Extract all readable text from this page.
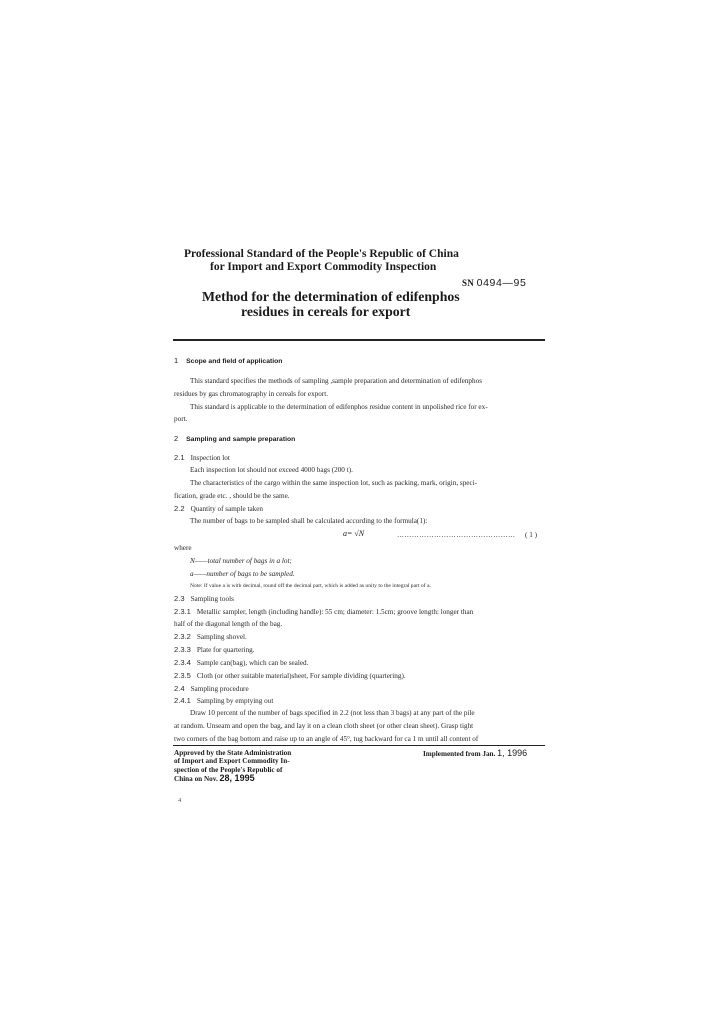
Professional Standard of the People's Republic of China
for Import and Export Commodity Inspection
SN 0494—95
Method for the determination of edifenphos
residues in cereals for export
1 Scope and field of application
This standard specifies the methods of sampling ,sample preparation and determination of edifenphos
residues by gas chromatography in cereals for export.
This standard is applicable to the determination of edifenphos residue content in unpolished rice for ex-
port.
2 Sampling and sample preparation
2.1 Inspection lot
Each inspection lot should not exceed 4000 bags (200 t).
The characteristics of the cargo within the same inspection lot, such as packing, mark, origin, speci-
fication, grade etc. , should be the same.
2.2 Quantity of sample taken
The number of bags to be sampled shall be calculated according to the formula(1):
a= √N	………………………………………… ( 1 )
where
N——total number of bags in a lot;
a——number of bags to be sampled.
Note: If value a is with decimal, round off the decimal part, which is added as unity to the integral part of a.
2.3 Sampling tools
2.3.1 Metallic sampler, length (including handle): 55 cm; diameter: 1.5cm; groove length: longer than
half of the diagonal length of the bag.
2.3.2 Sampling shovel.
2.3.3 Plate for quartering.
2.3.4 Sample can(bag), which can be sealed.
2.3.5 Cloth (or other suitable material)sheet, For sample dividing (quartering).
2.4 Sampling procedure
2.4.1 Sampling by emptying out
Draw 10 percent of the number of bags specified in 2.2 (not less than 3 bags) at any part of the pile
at random. Unseam and open the bag, and lay it on a clean cloth sheet (or other clean sheet). Grasp tight
two corners of the bag bottom and raise up to an angle of 45°, tug backward for ca 1 m until all content of
Approved by the State Administration
of Import and Export Commodity In-
spection of the People's Republic of
China on Nov. 28, 1995
Implemented from Jan. 1, 1996
4
